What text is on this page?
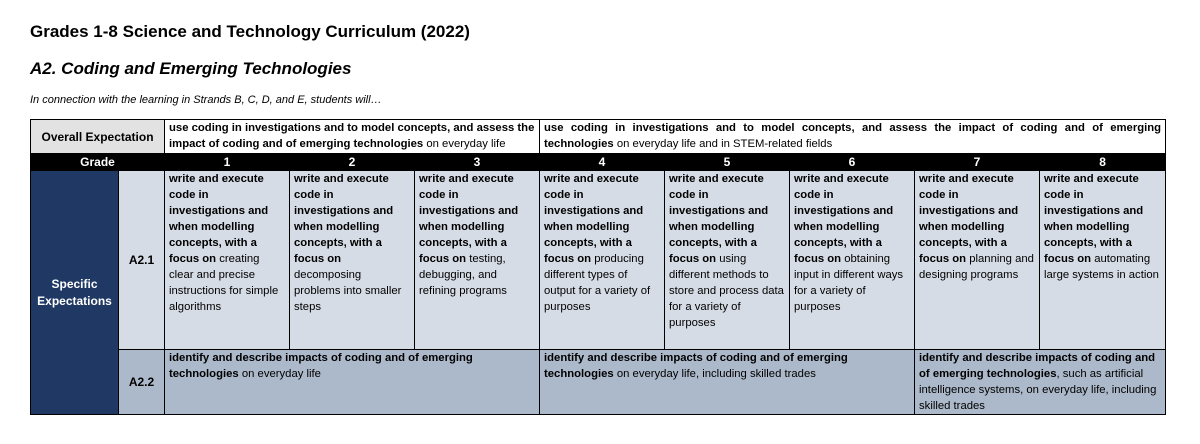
Grades 1-8 Science and Technology Curriculum (2022)
A2. Coding and Emerging Technologies
In connection with the learning in Strands B, C, D, and E, students will…
Overall Expectation		use coding in investigations and to model concepts, and assess the impact of coding and of emerging technologies on everyday life			use coding in investigations and to model concepts, and assess the impact of coding and of emerging technologies on everyday life and in STEM-related fields				
Grade		1	2	3	4	5	6	7	8
Specific Expectations	A2.1	write and execute code in investigations and when modelling concepts, with a focus on creating clear and precise instructions for simple algorithms	write and execute code in investigations and when modelling concepts, with a focus on decomposing problems into smaller steps	write and execute code in investigations and when modelling concepts, with a focus on testing, debugging, and refining programs	write and execute code in investigations and when modelling concepts, with a focus on producing different types of output for a variety of purposes	write and execute code in investigations and when modelling concepts, with a focus on using different methods to store and process data for a variety of purposes	write and execute code in investigations and when modelling concepts, with a focus on obtaining input in different ways for a variety of purposes	write and execute code in investigations and when modelling concepts, with a focus on planning and designing programs	write and execute code in investigations and when modelling concepts, with a focus on automating large systems in action
	A2.2	identify and describe impacts of coding and of emerging technologies on everyday life			identify and describe impacts of coding and of emerging technologies on everyday life, including skilled trades			identify and describe impacts of coding and of emerging technologies, such as artificial intelligence systems, on everyday life, including skilled trades	
